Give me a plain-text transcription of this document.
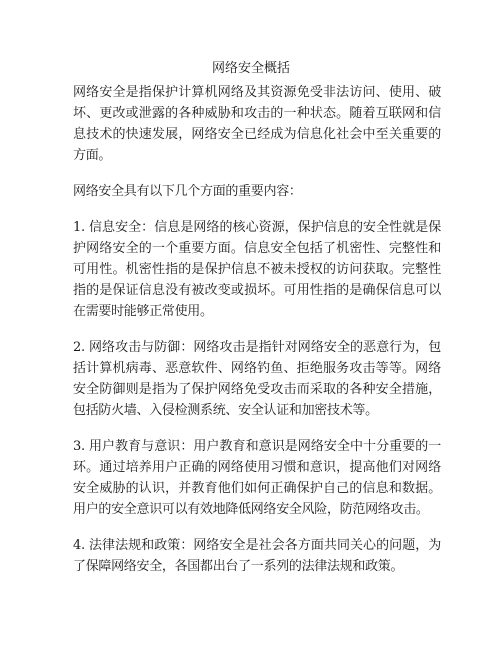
网络安全概括

网络安全是指保护计算机网络及其资源免受非法访问、使用、破坏、更改或泄露的各种威胁和攻击的一种状态。随着互联网和信息技术的快速发展，网络安全已经成为信息化社会中至关重要的方面。

网络安全具有以下几个方面的重要内容：

1. 信息安全：信息是网络的核心资源，保护信息的安全性就是保护网络安全的一个重要方面。信息安全包括了机密性、完整性和可用性。机密性指的是保护信息不被未授权的访问获取。完整性指的是保证信息没有被改变或损坏。可用性指的是确保信息可以在需要时能够正常使用。

2. 网络攻击与防御：网络攻击是指针对网络安全的恶意行为，包括计算机病毒、恶意软件、网络钓鱼、拒绝服务攻击等等。网络安全防御则是指为了保护网络免受攻击而采取的各种安全措施，包括防火墙、入侵检测系统、安全认证和加密技术等。

3. 用户教育与意识：用户教育和意识是网络安全中十分重要的一环。通过培养用户正确的网络使用习惯和意识，提高他们对网络安全威胁的认识，并教育他们如何正确保护自己的信息和数据。用户的安全意识可以有效地降低网络安全风险，防范网络攻击。

4. 法律法规和政策：网络安全是社会各方面共同关心的问题，为了保障网络安全，各国都出台了一系列的法律法规和政策。
